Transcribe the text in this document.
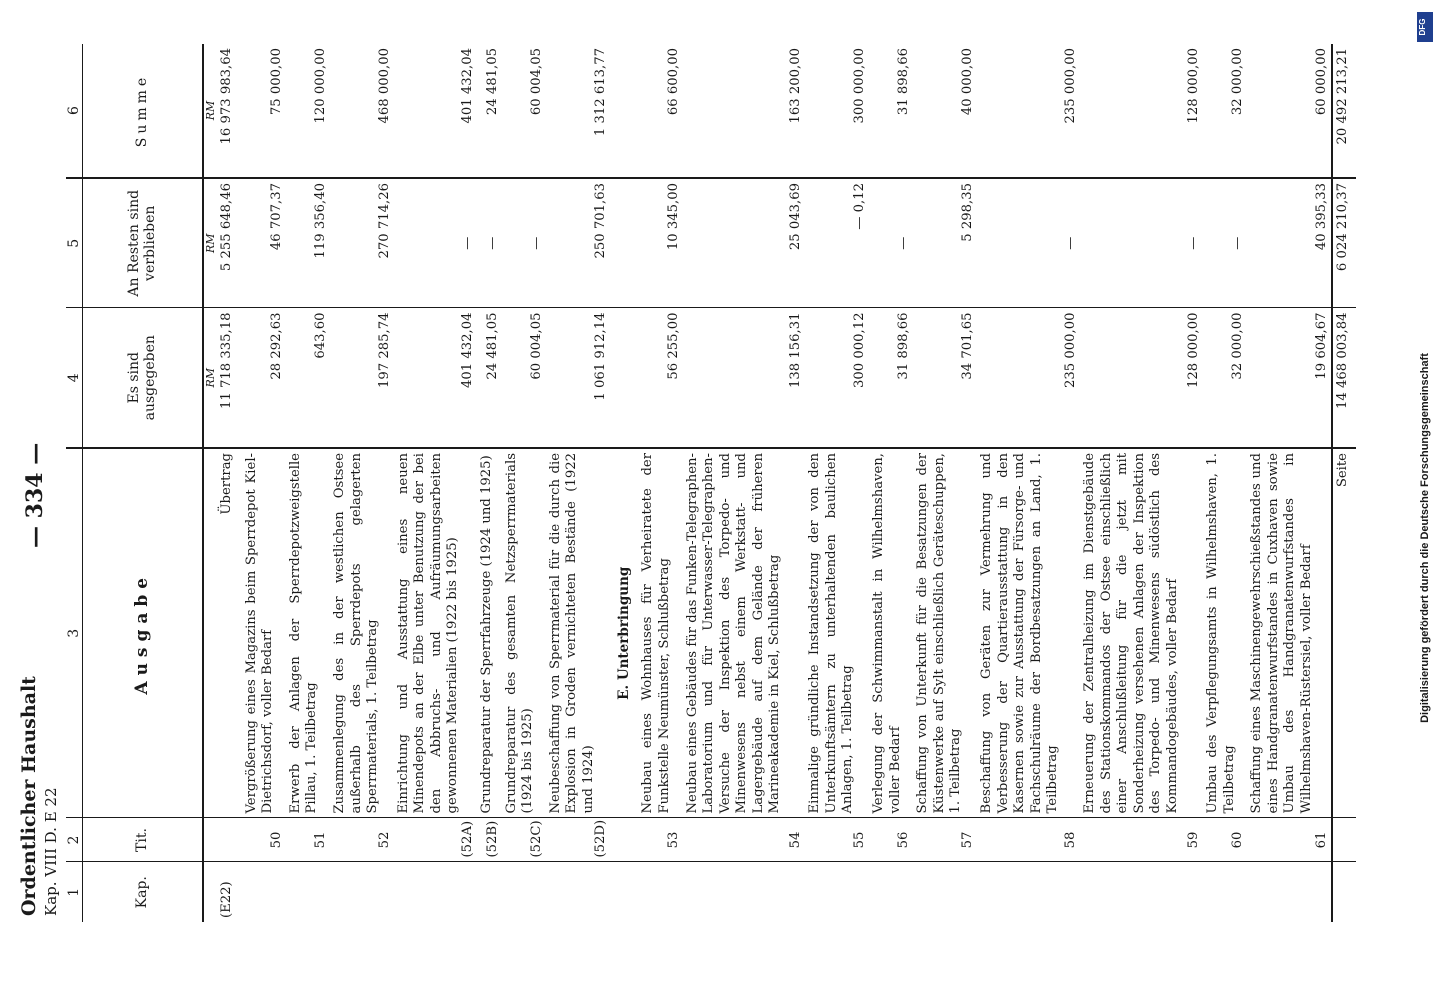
Ordentlicher Haushalt Kap. VIII D. E 22
— 334 —
1	2	3	4	5	6
Kap.	Tit.	Ausgabe	Es sind ausgegeben	An Resten sind verblieben	Summe
			RM	RM	RM
(E22)		Übertrag	11 718 335,18	5 255 648,46	16 973 983,64
	50	Vergrößerung eines Magazins beim Sperrdepot Kiel-Dietrichsdorf, voller Bedarf	28 292,63	46 707,37	75 000,00
	51	Erwerb der Anlagen der Sperrdepotzweigstelle Pillau, 1. Teilbetrag	643,60	119 356,40	120 000,00
	52	Zusammenlegung des in der westlichen Ostsee außerhalb des Sperrdepots gelagerten Sperrmaterials, 1. Teilbetrag	197 285,74	270 714,26	468 000,00
	(52A)	Einrichtung und Ausstattung eines neuen Minendepots an der Elbe unter Benutzung der bei den Abbruchs- und Aufräumungsarbeiten gewonnenen Materialien (1922 bis 1925)	401 432,04	—	401 432,04
	(52B)	Grundreparatur der Sperrfahrzeuge (1924 und 1925)	24 481,05	—	24 481,05
	(52C)	Grundreparatur des gesamten Netzsperrmaterials (1924 bis 1925)	60 004,05	—	60 004,05
	(52D)	Neubeschaffung von Sperrmaterial für die durch die Explosion in Groden vernichteten Bestände (1922 und 1924)	1 061 912,14	250 701,63	1 312 613,77
		E. Unterbringung			
	53	Neubau eines Wohnhauses für Verheiratete der Funkstelle Neumünster, Schlußbetrag	56 255,00	10 345,00	66 600,00
	54	Neubau eines Gebäudes für das Funken-Telegraphen-Laboratorium und für Unterwasser-Telegraphen-Versuche der Inspektion des Torpedo- und Minenwesens nebst einem Werkstatt- und Lagergebäude auf dem Gelände der früheren Marineakademie in Kiel, Schlußbetrag	138 156,31	25 043,69	163 200,00
	55	Einmalige gründliche Instandsetzung der von den Unterkunftsämtern zu unterhaltenden baulichen Anlagen, 1. Teilbetrag	300 000,12	— 0,12	300 000,00
	56	Verlegung der Schwimmanstalt in Wilhelmshaven, voller Bedarf	31 898,66	—	31 898,66
	57	Schaffung von Unterkunft für die Besatzungen der Küstenwerke auf Sylt einschließlich Geräteschuppen, 1. Teilbetrag	34 701,65	5 298,35	40 000,00
	58	Beschaffung von Geräten zur Vermehrung und Verbesserung der Quartierausstattung in den Kasernen sowie zur Ausstattung der Fürsorge- und Fachschulräume der Bordbesatzungen an Land, 1. Teilbetrag	235 000,00	—	235 000,00
	59	Erneuerung der Zentralheizung im Dienstgebäude des Stationskommandos der Ostsee einschließlich einer Anschlußleitung für die jetzt mit Sonderheizung versehenen Anlagen der Inspektion des Torpedo- und Minenwesens südöstlich des Kommandogebäudes, voller Bedarf	128 000,00	—	128 000,00
	60	Umbau des Verpflegungsamts in Wilhelmshaven, 1. Teilbetrag	32 000,00	—	32 000,00
	61	Schaffung eines Maschinengewehrschießstandes und eines Handgranatenwurfstandes in Cuxhaven sowie Umbau des Handgranatenwurfstandes in Wilhelmshaven-Rüstersiel, voller Bedarf	19 604,67	40 395,33	60 000,00
		Seite	14 468 003,84	6 024 210,37	20 492 213,21
DFG
Digitalisierung gefördert durch die Deutsche Forschungsgemeinschaft
